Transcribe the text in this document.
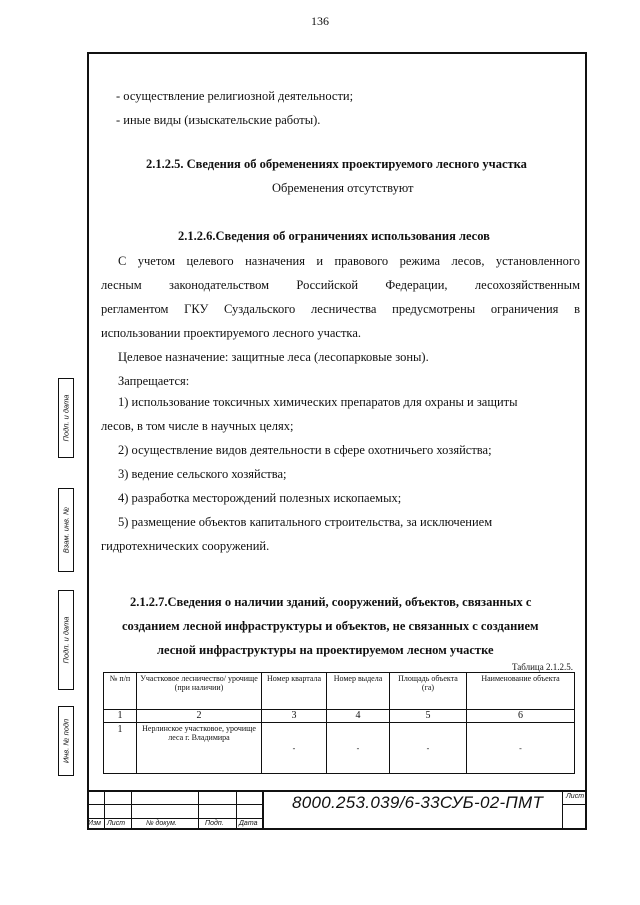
136
Подп. и дата
Взам. инв. №
Подп. и дата
Инв. № подп
- осуществление религиозной деятельности;
- иные виды (изыскательские работы).
2.1.2.5. Сведения об обременениях проектируемого лесного участка
Обременения отсутствуют
2.1.2.6.Сведения об ограничениях использования лесов
С учетом целевого назначения и правового режима лесов, установленного
лесным законодательством Российской Федерации, лесохозяйственным
регламентом ГКУ Суздальского лесничества предусмотрены ограничения в
использовании проектируемого лесного участка.
Целевое назначение: защитные леса (лесопарковые зоны).
Запрещается:
1) использование токсичных химических препаратов для охраны и защиты
лесов, в том числе в научных целях;
2) осуществление видов деятельности в сфере охотничьего хозяйства;
3) ведение сельского хозяйства;
4) разработка месторождений полезных ископаемых;
5) размещение объектов капитального строительства, за исключением
гидротехнических сооружений.
2.1.2.7.Сведения о наличии зданий, сооружений, объектов, связанных с
созданием лесной инфраструктуры и объектов, не связанных с созданием
лесной инфраструктуры на проектируемом лесном участке
Таблица 2.1.2.5.
№ п/п	Участковое лесничество/ урочище (при наличии)	Номер квартала	Номер выдела	Площадь объекта (га)	Наименование объекта
1	2	3	4	5	6
1	Нерлинское участковое, урочище леса г. Владимира	-	-	-	-
Изм Лист	№ докум.	Подп. Дата
8000.253.039/6-33СУБ-02-ПМТ	Лист
